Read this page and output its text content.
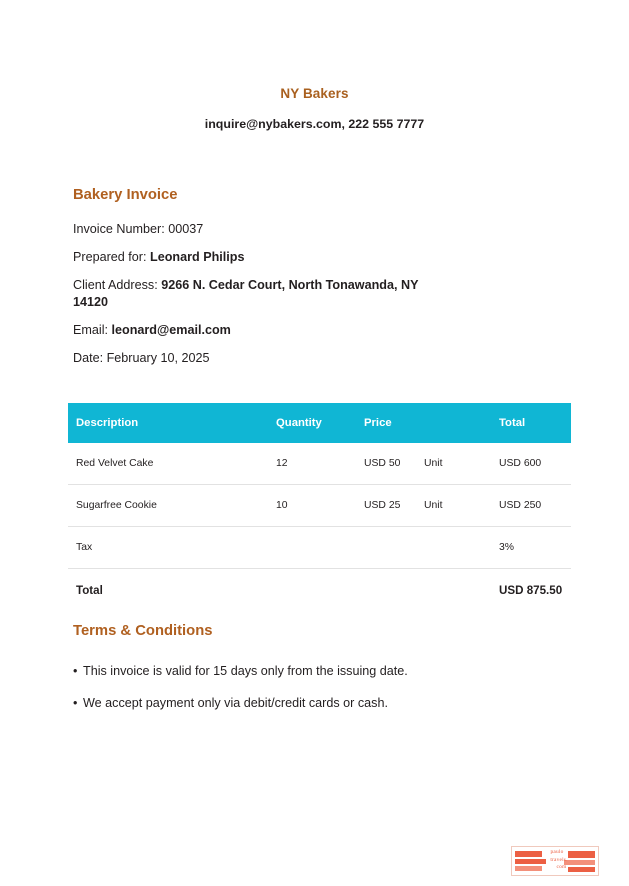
NY Bakers
inquire@nybakers.com, 222 555 7777
Bakery Invoice
Invoice Number: 00037
Prepared for: Leonard Philips
Client Address: 9266 N. Cedar Court, North Tonawanda, NY 14120
Email: leonard@email.com
Date: February 10, 2025
Description	Quantity	Price		Total
Red Velvet Cake	12	USD 50	Unit	USD 600
Sugarfree Cookie	10	USD 25	Unit	USD 250
Tax				3%
Total				USD 875.50
Terms & Conditions
• This invoice is valid for 15 days only from the issuing date.
• We accept payment only via debit/credit cards or cash.
paulo
travels.
com
